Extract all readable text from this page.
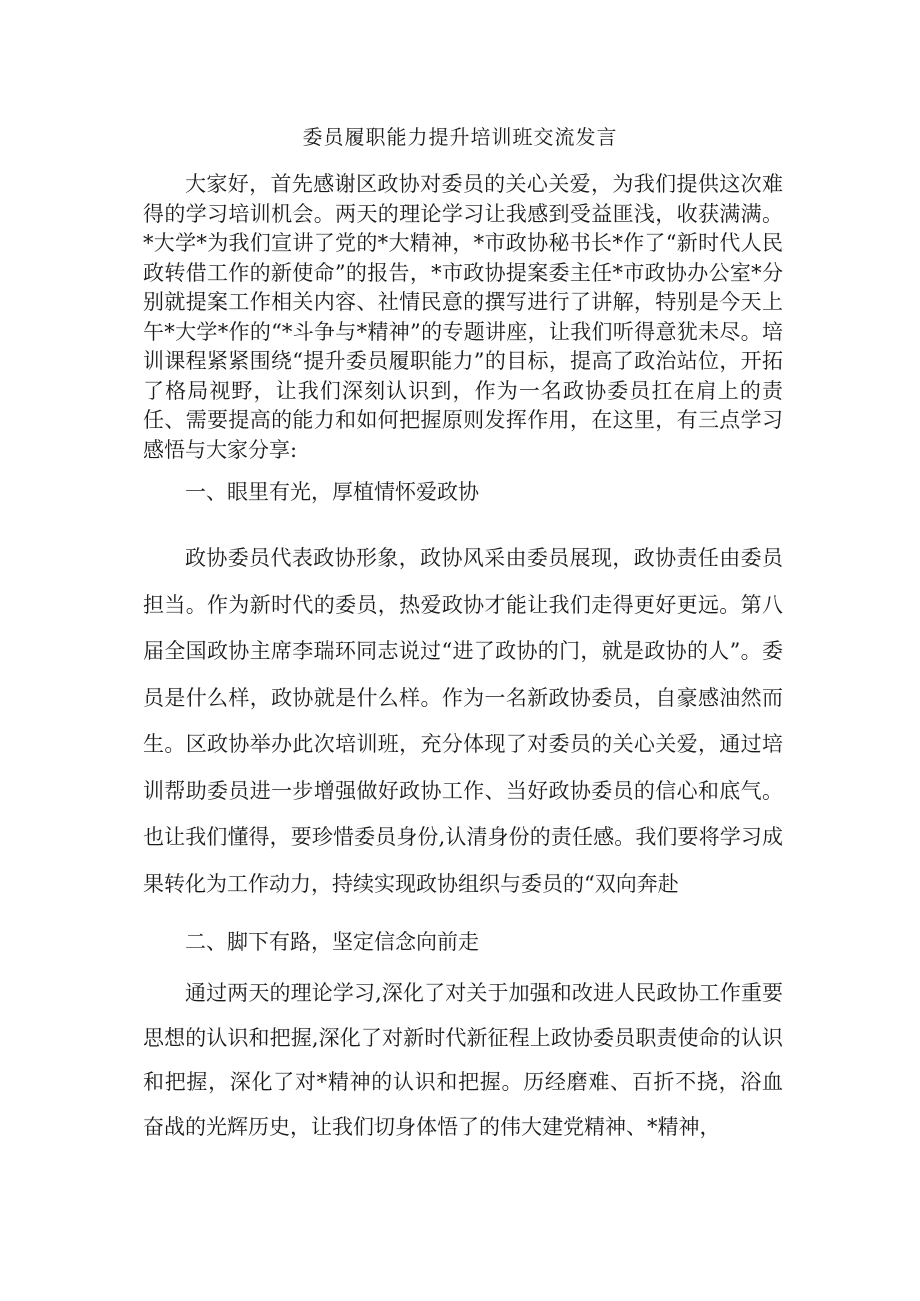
委员履职能力提升培训班交流发言

大家好，首先感谢区政协对委员的关心关爱，为我们提供这次难得的学习培训机会。两天的理论学习让我感到受益匪浅，收获满满。*大学*为我们宣讲了党的*大精神，*市政协秘书长*作了“新时代人民政转借工作的新使命”的报告，*市政协提案委主任*市政协办公室*分别就提案工作相关内容、社情民意的撰写进行了讲解，特别是今天上午*大学*作的“*斗争与*精神”的专题讲座，让我们听得意犹未尽。培训课程紧紧围绕“提升委员履职能力”的目标，提高了政治站位，开拓了格局视野，让我们深刻认识到，作为一名政协委员扛在肩上的责任、需要提高的能力和如何把握原则发挥作用，在这里，有三点学习感悟与大家分享:

一、眼里有光，厚植情怀爱政协

政协委员代表政协形象，政协风采由委员展现，政协责任由委员担当。作为新时代的委员，热爱政协才能让我们走得更好更远。第八届全国政协主席李瑞环同志说过“进了政协的门，就是政协的人”。委员是什么样，政协就是什么样。作为一名新政协委员，自豪感油然而生。区政协举办此次培训班，充分体现了对委员的关心关爱，通过培训帮助委员进一步增强做好政协工作、当好政协委员的信心和底气。也让我们懂得，要珍惜委员身份,认清身份的责任感。我们要将学习成果转化为工作动力，持续实现政协组织与委员的“双向奔赴

二、脚下有路，坚定信念向前走

通过两天的理论学习,深化了对关于加强和改进人民政协工作重要思想的认识和把握,深化了对新时代新征程上政协委员职责使命的认识和把握，深化了对*精神的认识和把握。历经磨难、百折不挠，浴血奋战的光辉历史，让我们切身体悟了的伟大建党精神、*精神，
